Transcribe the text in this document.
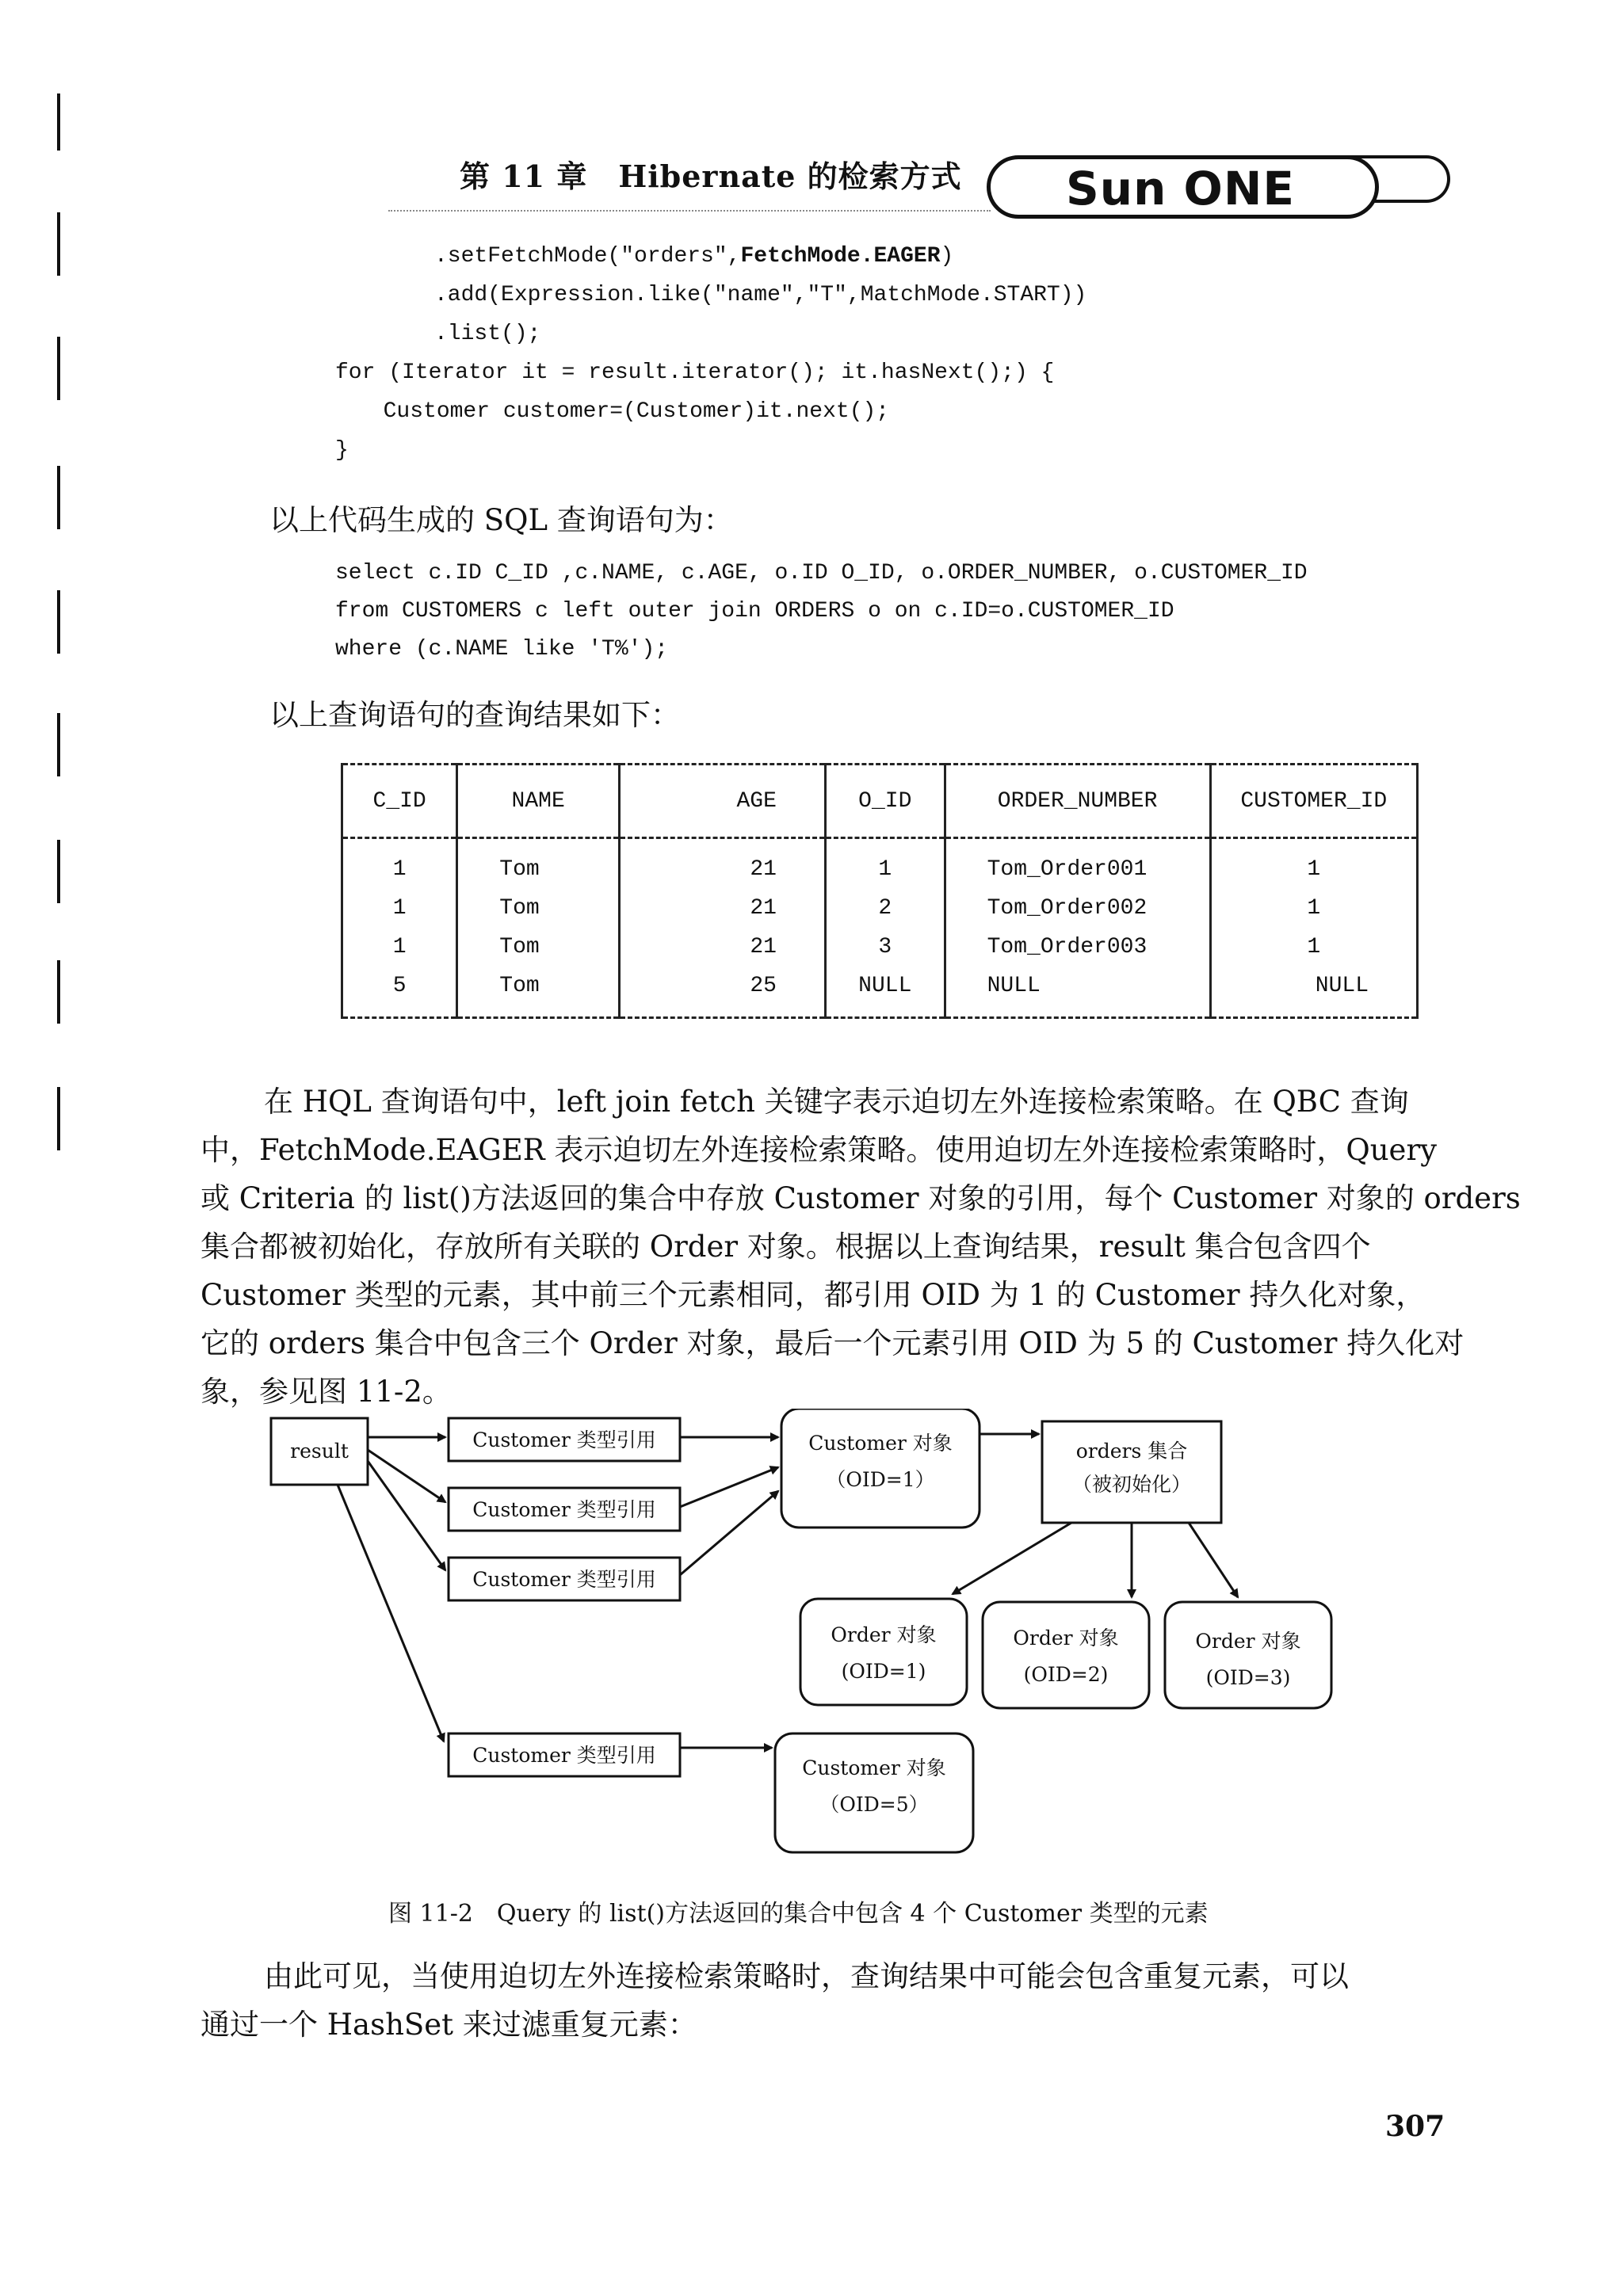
第 11 章　Hibernate 的检索方式 Sun ONE
.setFetchMode("orders",FetchMode.EAGER)
.add(Expression.like("name","T",MatchMode.START))
.list();
for (Iterator it = result.iterator(); it.hasNext();) {
Customer customer=(Customer)it.next();
}
以上代码生成的 SQL 查询语句为：
select c.ID C_ID ,c.NAME, c.AGE, o.ID O_ID, o.ORDER_NUMBER, o.CUSTOMER_ID
from CUSTOMERS c left outer join ORDERS o on c.ID=o.CUSTOMER_ID
where (c.NAME like 'T%');
以上查询语句的查询结果如下：
C_ID	NAME	AGE	O_ID	ORDER_NUMBER	CUSTOMER_ID
1	Tom	21	1	Tom_Order001	1
1	Tom	21	2	Tom_Order002	1
1	Tom	21	3	Tom_Order003	1
5	Tom	25	NULL	NULL	NULL
在 HQL 查询语句中，left join fetch 关键字表示迫切左外连接检索策略。在 QBC 查询
中，FetchMode.EAGER 表示迫切左外连接检索策略。使用迫切左外连接检索策略时，Query
或 Criteria 的 list()方法返回的集合中存放 Customer 对象的引用，每个 Customer 对象的 orders
集合都被初始化，存放所有关联的 Order 对象。根据以上查询结果，result 集合包含四个
Customer 类型的元素，其中前三个元素相同，都引用 OID 为 1 的 Customer 持久化对象，
它的 orders 集合中包含三个 Order 对象，最后一个元素引用 OID 为 5 的 Customer 持久化对
象，参见图 11-2。
result	Customer 类型引用
Customer 类型引用
Customer 类型引用
Customer 类型引用
Customer 对象
（OID=1）
orders 集合
（被初始化）
Order 对象
(OID=1)
Order 对象
(OID=2)
Order 对象
(OID=3)
Customer 对象
（OID=5）
图 11-2　Query 的 list()方法返回的集合中包含 4 个 Customer 类型的元素
由此可见，当使用迫切左外连接检索策略时，查询结果中可能会包含重复元素，可以
通过一个 HashSet 来过滤重复元素：
307
